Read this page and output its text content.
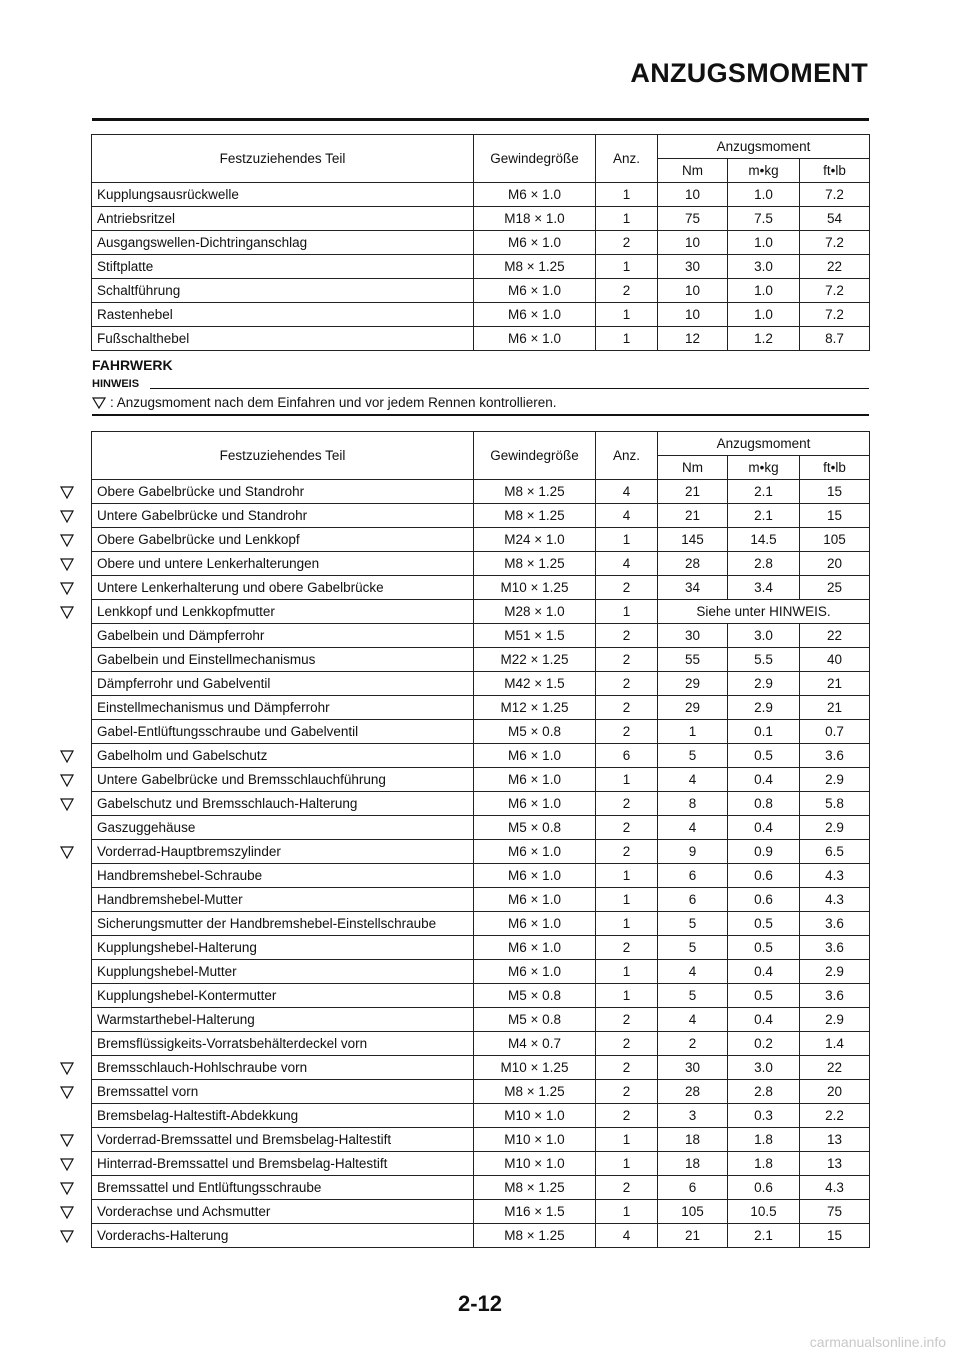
ANZUGSMOMENT
Festzuziehendes Teil	Gewindegröße	Anz.	Anzugsmoment		
			Nm	m•kg	ft•lb
Kupplungsausrückwelle	M6 × 1.0	1	10	1.0	7.2
Antriebsritzel	M18 × 1.0	1	75	7.5	54
Ausgangswellen-Dichtringanschlag	M6 × 1.0	2	10	1.0	7.2
Stiftplatte	M8 × 1.25	1	30	3.0	22
Schaltführung	M6 × 1.0	2	10	1.0	7.2
Rastenhebel	M6 × 1.0	1	10	1.0	7.2
Fußschalthebel	M6 × 1.0	1	12	1.2	8.7
FAHRWERK
HINWEIS
: Anzugsmoment nach dem Einfahren und vor jedem Rennen kontrollieren.
Festzuziehendes Teil	Gewindegröße	Anz.	Anzugsmoment		
			Nm	m•kg	ft•lb
Obere Gabelbrücke und Standrohr	M8 × 1.25	4	21	2.1	15
Untere Gabelbrücke und Standrohr	M8 × 1.25	4	21	2.1	15
Obere Gabelbrücke und Lenkkopf	M24 × 1.0	1	145	14.5	105
Obere und untere Lenkerhalterungen	M8 × 1.25	4	28	2.8	20
Untere Lenkerhalterung und obere Gabelbrücke	M10 × 1.25	2	34	3.4	25
Lenkkopf und Lenkkopfmutter	M28 × 1.0	1	Siehe unter HINWEIS.		
Gabelbein und Dämpferrohr	M51 × 1.5	2	30	3.0	22
Gabelbein und Einstellmechanismus	M22 × 1.25	2	55	5.5	40
Dämpferrohr und Gabelventil	M42 × 1.5	2	29	2.9	21
Einstellmechanismus und Dämpferrohr	M12 × 1.25	2	29	2.9	21
Gabel-Entlüftungsschraube und Gabelventil	M5 × 0.8	2	1	0.1	0.7
Gabelholm und Gabelschutz	M6 × 1.0	6	5	0.5	3.6
Untere Gabelbrücke und Bremsschlauchführung	M6 × 1.0	1	4	0.4	2.9
Gabelschutz und Bremsschlauch-Halterung	M6 × 1.0	2	8	0.8	5.8
Gaszuggehäuse	M5 × 0.8	2	4	0.4	2.9
Vorderrad-Hauptbremszylinder	M6 × 1.0	2	9	0.9	6.5
Handbremshebel-Schraube	M6 × 1.0	1	6	0.6	4.3
Handbremshebel-Mutter	M6 × 1.0	1	6	0.6	4.3
Sicherungsmutter der Handbremshebel-Einstellschraube	M6 × 1.0	1	5	0.5	3.6
Kupplungshebel-Halterung	M6 × 1.0	2	5	0.5	3.6
Kupplungshebel-Mutter	M6 × 1.0	1	4	0.4	2.9
Kupplungshebel-Kontermutter	M5 × 0.8	1	5	0.5	3.6
Warmstarthebel-Halterung	M5 × 0.8	2	4	0.4	2.9
Bremsflüssigkeits-Vorratsbehälterdeckel vorn	M4 × 0.7	2	2	0.2	1.4
Bremsschlauch-Hohlschraube vorn	M10 × 1.25	2	30	3.0	22
Bremssattel vorn	M8 × 1.25	2	28	2.8	20
Bremsbelag-Haltestift-Abdekkung	M10 × 1.0	2	3	0.3	2.2
Vorderrad-Bremssattel und Bremsbelag-Haltestift	M10 × 1.0	1	18	1.8	13
Hinterrad-Bremssattel und Bremsbelag-Haltestift	M10 × 1.0	1	18	1.8	13
Bremssattel und Entlüftungsschraube	M8 × 1.25	2	6	0.6	4.3
Vorderachse und Achsmutter	M16 × 1.5	1	105	10.5	75
Vorderachs-Halterung	M8 × 1.25	4	21	2.1	15
2-12
carmanualsonline.info
